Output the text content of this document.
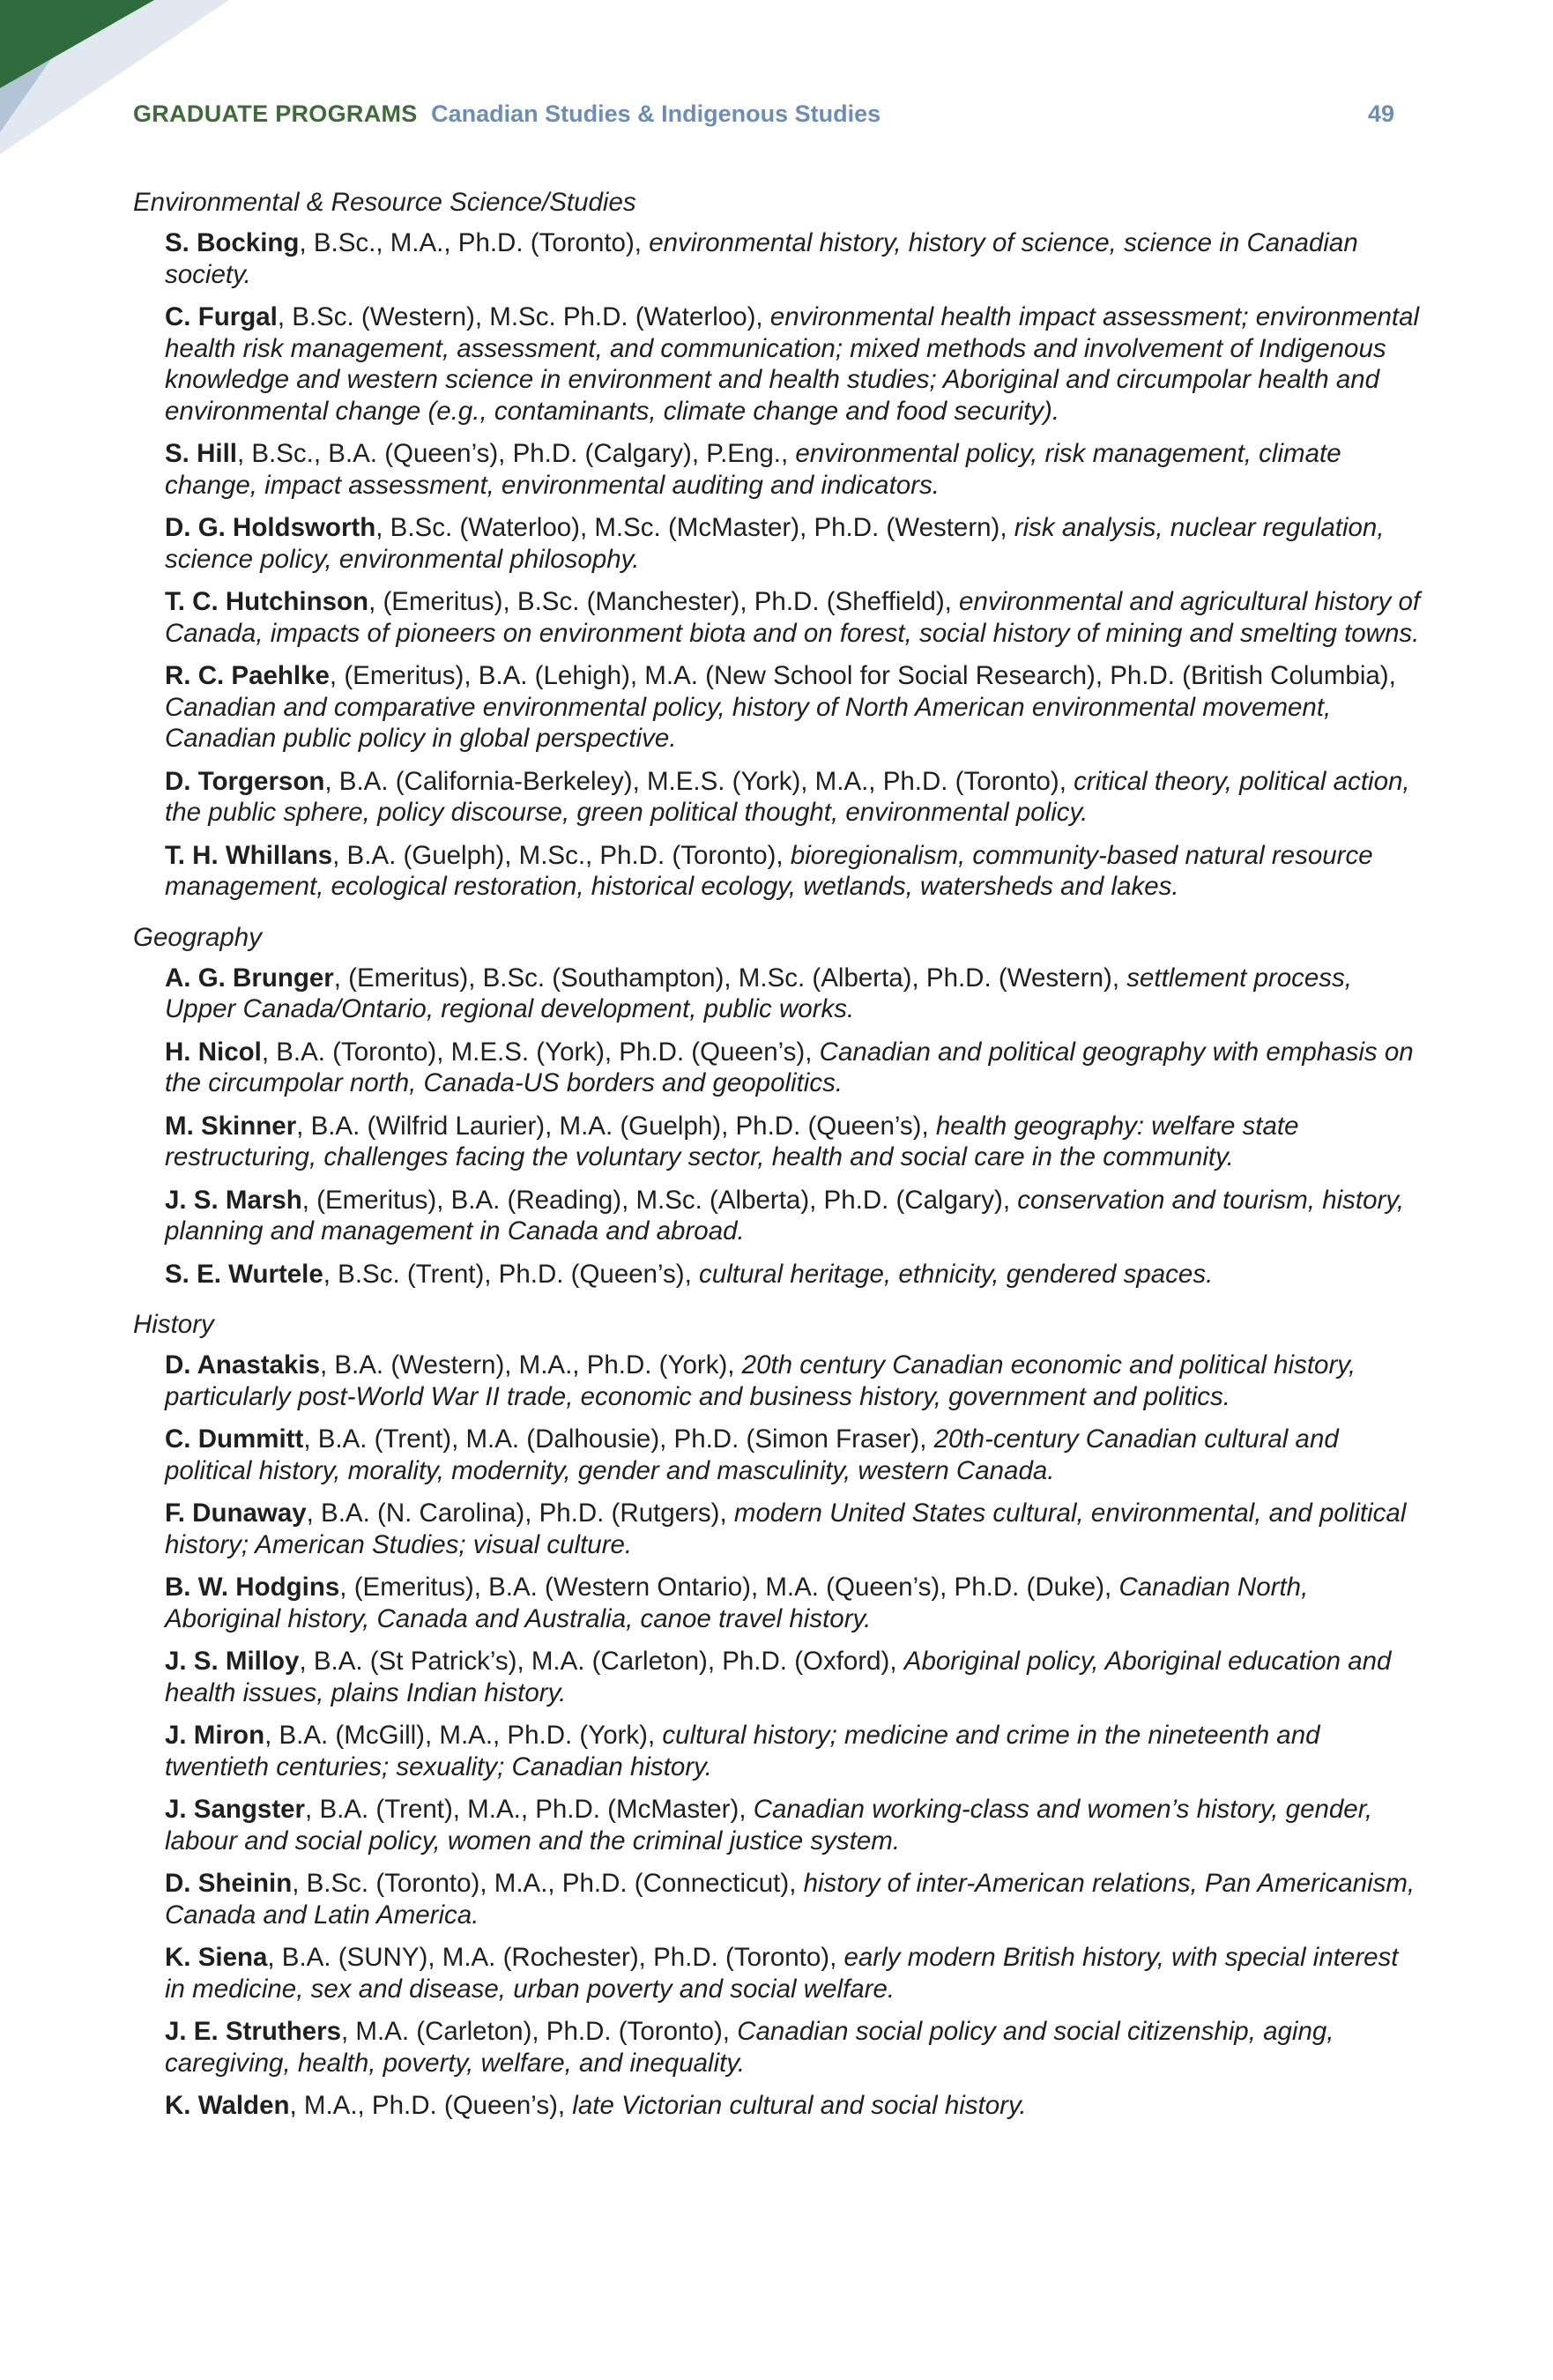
GRADUATE PROGRAMS Canadian Studies & Indigenous Studies	49
Environmental & Resource Science/Studies

S. Bocking, B.Sc., M.A., Ph.D. (Toronto), environmental history, history of science, science in Canadian society.

C. Furgal, B.Sc. (Western), M.Sc. Ph.D. (Waterloo), environmental health impact assessment; environmental health risk management, assessment, and communication; mixed methods and involvement of Indigenous knowledge and western science in environment and health studies; Aboriginal and circumpolar health and environmental change (e.g., contaminants, climate change and food security).

S. Hill, B.Sc., B.A. (Queen’s), Ph.D. (Calgary), P.Eng., environmental policy, risk management, climate change, impact assessment, environmental auditing and indicators.

D. G. Holdsworth, B.Sc. (Waterloo), M.Sc. (McMaster), Ph.D. (Western), risk analysis, nuclear regulation, science policy, environmental philosophy.

T. C. Hutchinson, (Emeritus), B.Sc. (Manchester), Ph.D. (Sheffield), environmental and agricultural history of Canada, impacts of pioneers on environment biota and on forest, social history of mining and smelting towns.

R. C. Paehlke, (Emeritus), B.A. (Lehigh), M.A. (New School for Social Research), Ph.D. (British Columbia), Canadian and comparative environmental policy, history of North American environmental movement, Canadian public policy in global perspective.

D. Torgerson, B.A. (California-Berkeley), M.E.S. (York), M.A., Ph.D. (Toronto), critical theory, political action, the public sphere, policy discourse, green political thought, environmental policy.

T. H. Whillans, B.A. (Guelph), M.Sc., Ph.D. (Toronto), bioregionalism, community-based natural resource management, ecological restoration, historical ecology, wetlands, watersheds and lakes.

Geography

A. G. Brunger, (Emeritus), B.Sc. (Southampton), M.Sc. (Alberta), Ph.D. (Western), settlement process, Upper Canada/Ontario, regional development, public works.

H. Nicol, B.A. (Toronto), M.E.S. (York), Ph.D. (Queen’s), Canadian and political geography with emphasis on the circumpolar north, Canada-US borders and geopolitics.

M. Skinner, B.A. (Wilfrid Laurier), M.A. (Guelph), Ph.D. (Queen’s), health geography: welfare state restructuring, challenges facing the voluntary sector, health and social care in the community.

J. S. Marsh, (Emeritus), B.A. (Reading), M.Sc. (Alberta), Ph.D. (Calgary), conservation and tourism, history, planning and management in Canada and abroad.

S. E. Wurtele, B.Sc. (Trent), Ph.D. (Queen’s), cultural heritage, ethnicity, gendered spaces.

History

D. Anastakis, B.A. (Western), M.A., Ph.D. (York), 20th century Canadian economic and political history, particularly post-World War II trade, economic and business history, government and politics.

C. Dummitt, B.A. (Trent), M.A. (Dalhousie), Ph.D. (Simon Fraser), 20th-century Canadian cultural and political history, morality, modernity, gender and masculinity, western Canada.

F. Dunaway, B.A. (N. Carolina), Ph.D. (Rutgers), modern United States cultural, environmental, and political history; American Studies; visual culture.

B. W. Hodgins, (Emeritus), B.A. (Western Ontario), M.A. (Queen’s), Ph.D. (Duke), Canadian North, Aboriginal history, Canada and Australia, canoe travel history.

J. S. Milloy, B.A. (St Patrick’s), M.A. (Carleton), Ph.D. (Oxford), Aboriginal policy, Aboriginal education and health issues, plains Indian history.

J. Miron, B.A. (McGill), M.A., Ph.D. (York), cultural history; medicine and crime in the nineteenth and twentieth centuries; sexuality; Canadian history.

J. Sangster, B.A. (Trent), M.A., Ph.D. (McMaster), Canadian working-class and women’s history, gender, labour and social policy, women and the criminal justice system.

D. Sheinin, B.Sc. (Toronto), M.A., Ph.D. (Connecticut), history of inter-American relations, Pan Americanism, Canada and Latin America.

K. Siena, B.A. (SUNY), M.A. (Rochester), Ph.D. (Toronto), early modern British history, with special interest in medicine, sex and disease, urban poverty and social welfare.

J. E. Struthers, M.A. (Carleton), Ph.D. (Toronto), Canadian social policy and social citizenship, aging, caregiving, health, poverty, welfare, and inequality.

K. Walden, M.A., Ph.D. (Queen’s), late Victorian cultural and social history.
